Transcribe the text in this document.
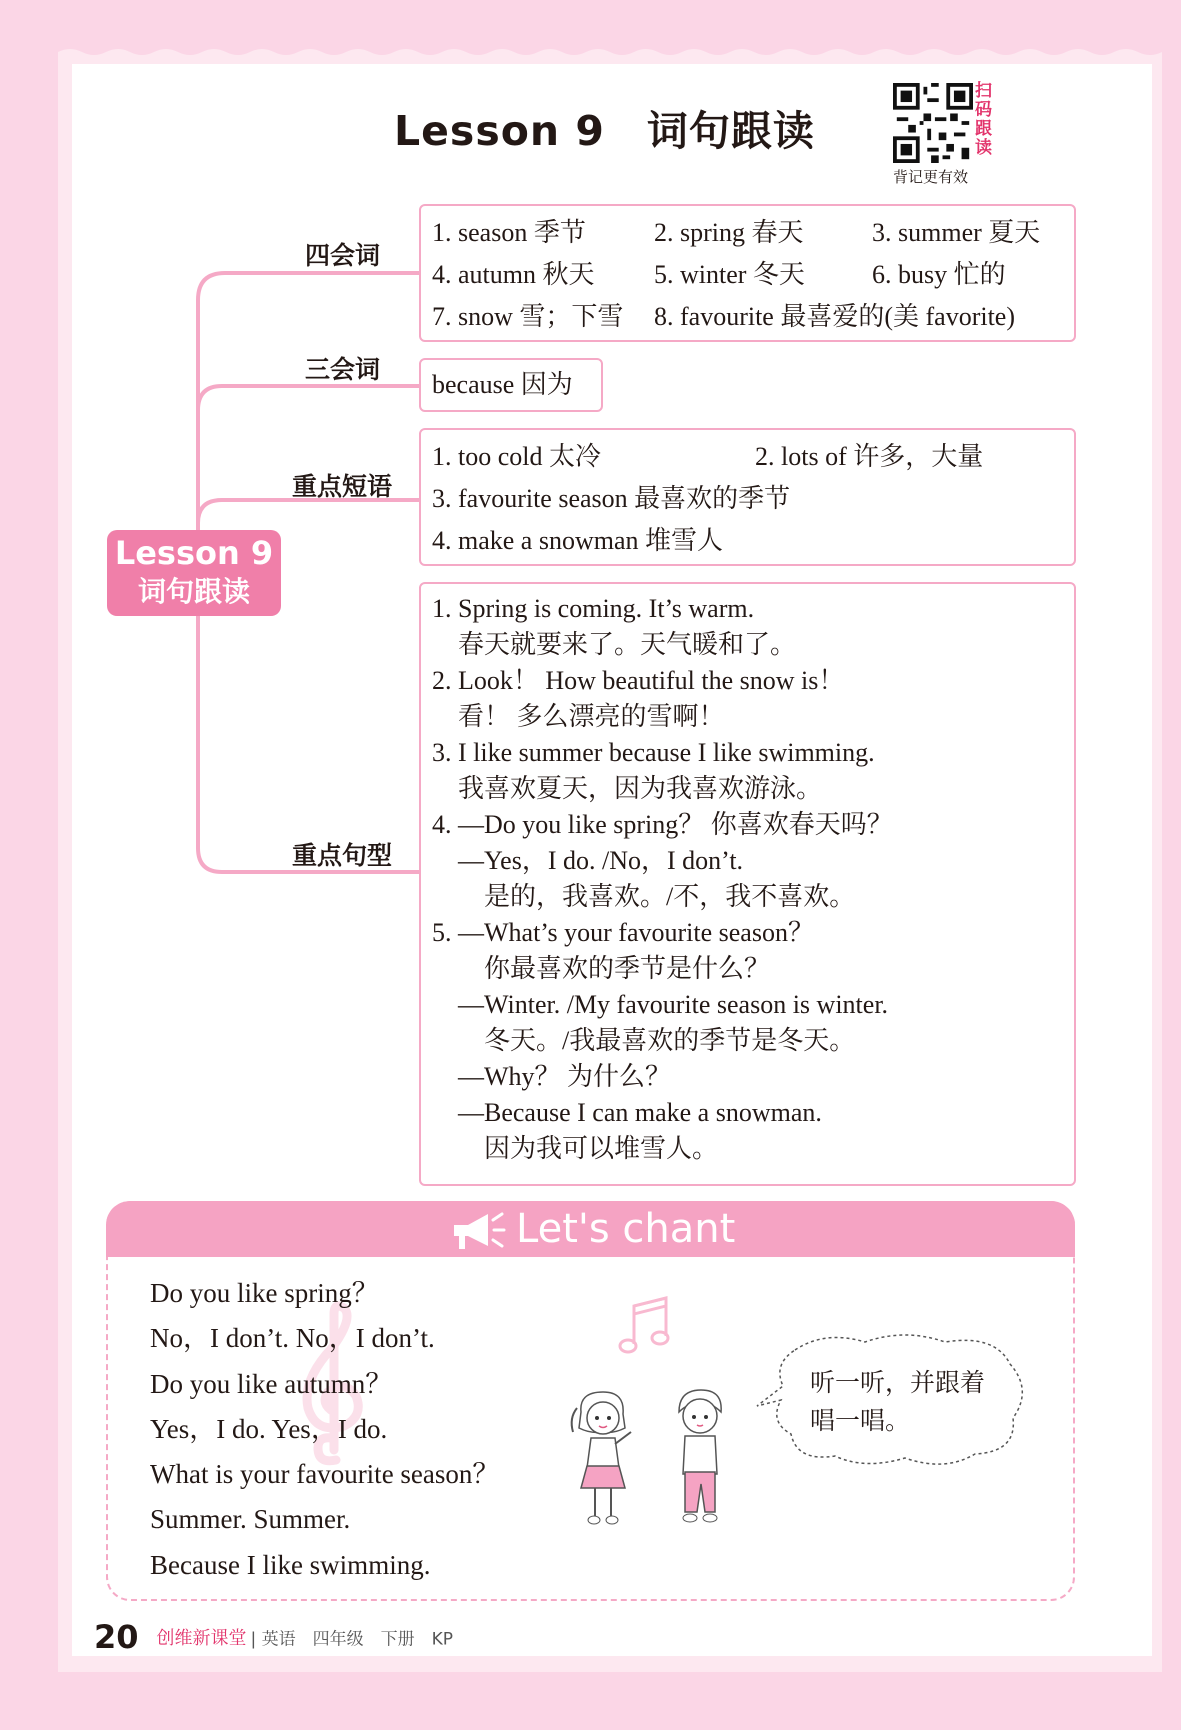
Lesson 9　词句跟读
扫码跟读
背记更有效
Lesson 9
词句跟读
四会词
三会词
重点短语
重点句型
1. season 季节	2. spring 春天	3. summer 夏天
4. autumn 秋天	5. winter 冬天	6. busy 忙的
7. snow 雪；下雪	8. favourite 最喜爱的(美 favorite)
because 因为
1. too cold 太冷	2. lots of 许多，大量
3. favourite season 最喜欢的季节
4. make a snowman 堆雪人
1. Spring is coming. It’s warm.
　春天就要来了。天气暖和了。
2. Look！ How beautiful the snow is！
　看！ 多么漂亮的雪啊！
3. I like summer because I like swimming.
　我喜欢夏天，因为我喜欢游泳。
4. —Do you like spring？ 你喜欢春天吗？
　—Yes，I do. /No，I don’t.
　　是的，我喜欢。/不，我不喜欢。
5. —What’s your favourite season？
　　你最喜欢的季节是什么？
　—Winter. /My favourite season is winter.
　　冬天。/我最喜欢的季节是冬天。
　—Why？ 为什么？
　—Because I can make a snowman.
　　因为我可以堆雪人。
Let's chant
Do you like spring？
No，I don’t. No，I don’t.
Do you like autumn？
Yes，I do. Yes，I do.
What is your favourite season？
Summer. Summer.
Because I like swimming.
听一听，并跟着
唱一唱。
20 创维新课堂 | 英语　四年级　下册　KP
